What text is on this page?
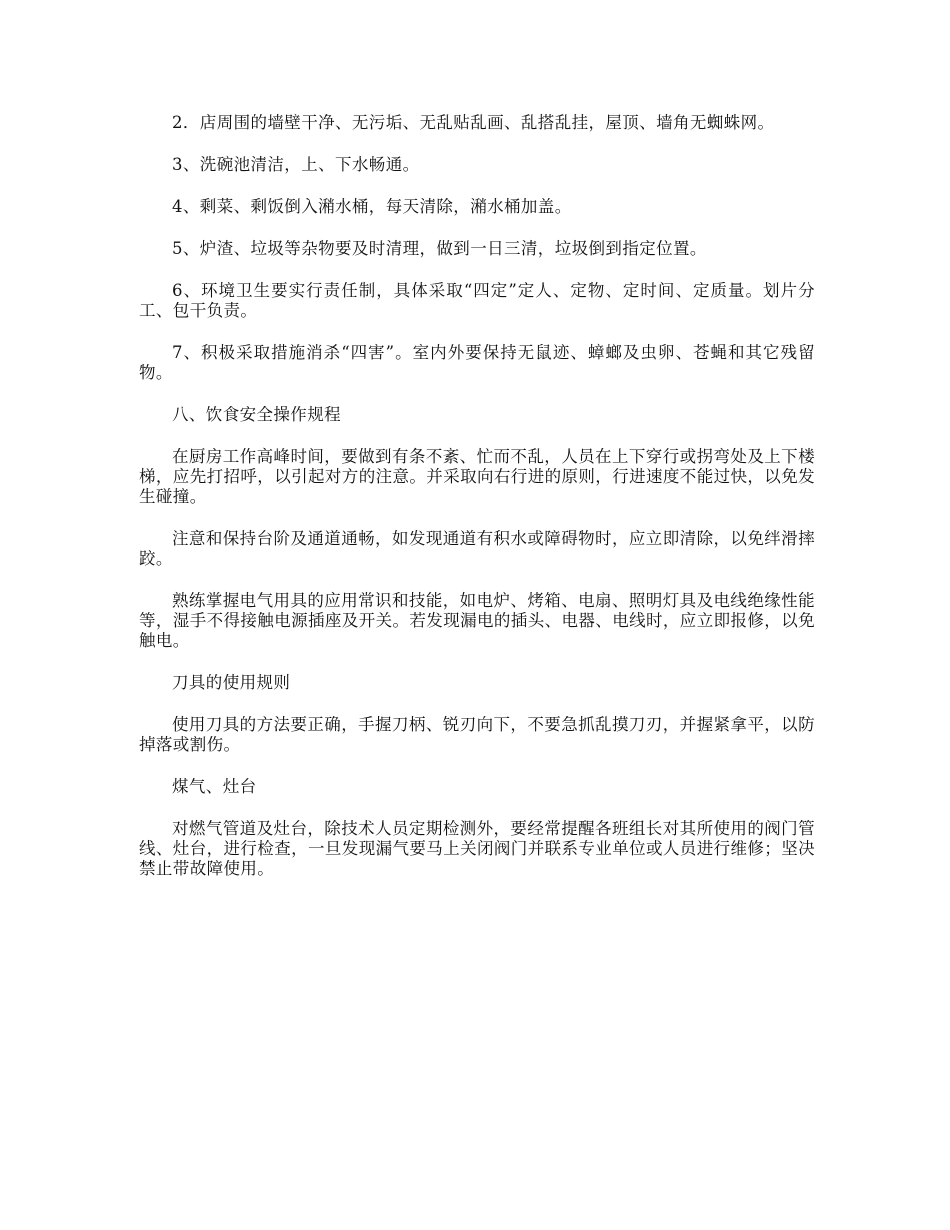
2．店周围的墙壁干净、无污垢、无乱贴乱画、乱搭乱挂，屋顶、墙角无蜘蛛网。

3、洗碗池清洁，上、下水畅通。

4、剩菜、剩饭倒入潲水桶，每天清除，潲水桶加盖。

5、炉渣、垃圾等杂物要及时清理，做到一日三清，垃圾倒到指定位置。

6、环境卫生要实行责任制，具体采取“四定”定人、定物、定时间、定质量。划片分工、包干负责。

7、积极采取措施消杀“四害”。室内外要保持无鼠迹、蟑螂及虫卵、苍蝇和其它残留物。

八、饮食安全操作规程

在厨房工作高峰时间，要做到有条不紊、忙而不乱，人员在上下穿行或拐弯处及上下楼梯，应先打招呼，以引起对方的注意。并采取向右行进的原则，行进速度不能过快，以免发生碰撞。

注意和保持台阶及通道通畅，如发现通道有积水或障碍物时，应立即清除，以免绊滑摔跤。

熟练掌握电气用具的应用常识和技能，如电炉、烤箱、电扇、照明灯具及电线绝缘性能等，湿手不得接触电源插座及开关。若发现漏电的插头、电器、电线时，应立即报修，以免触电。

刀具的使用规则

使用刀具的方法要正确，手握刀柄、锐刃向下，不要急抓乱摸刀刃，并握紧拿平，以防掉落或割伤。

煤气、灶台

对燃气管道及灶台，除技术人员定期检测外，要经常提醒各班组长对其所使用的阀门管线、灶台，进行检查，一旦发现漏气要马上关闭阀门并联系专业单位或人员进行维修；坚决禁止带故障使用。
